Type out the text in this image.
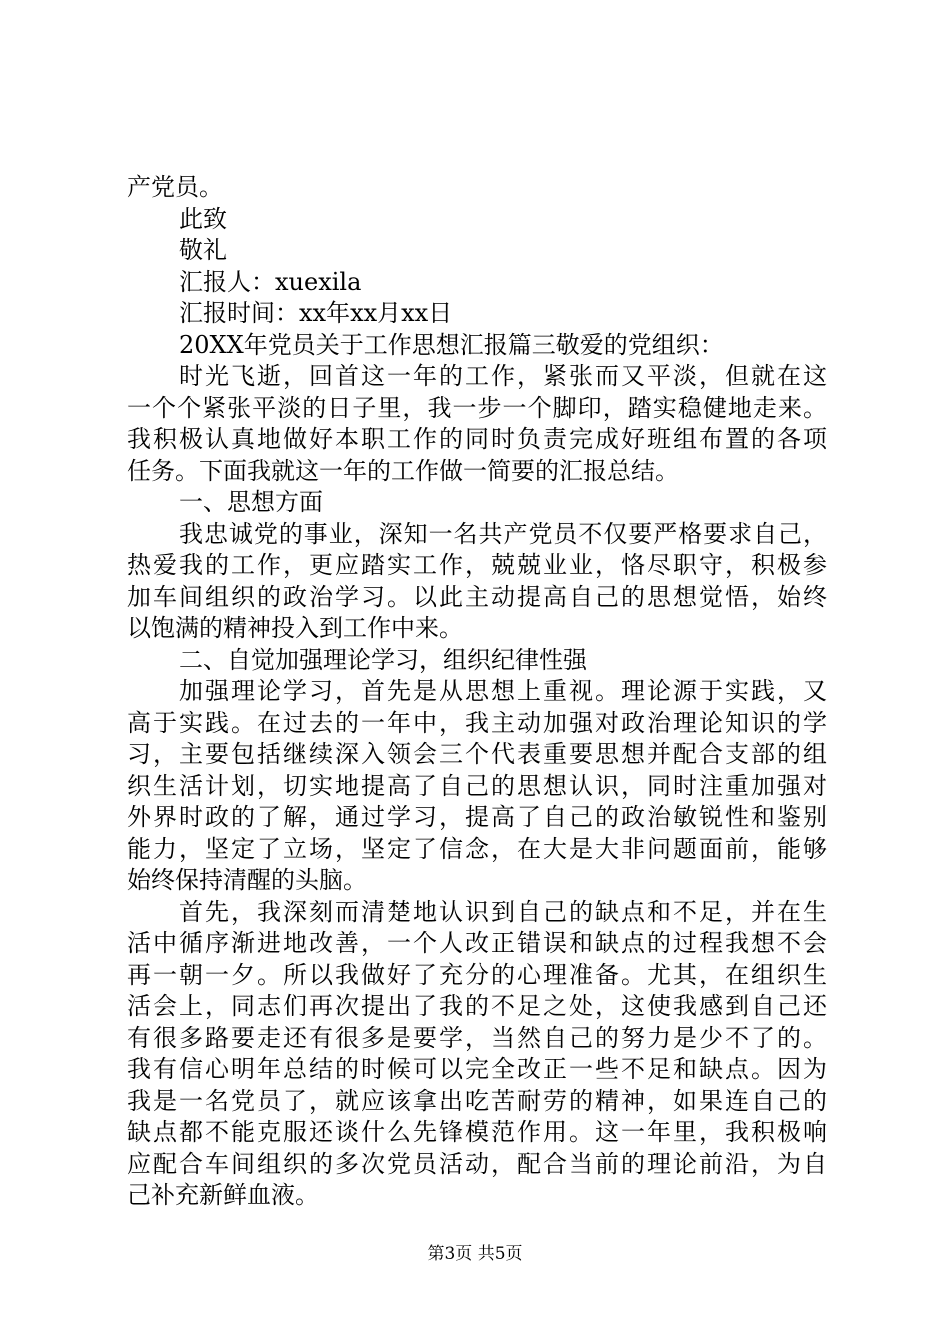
产党员。
此致
敬礼
汇报人：xuexila
汇报时间：xx年xx月xx日
20XX年党员关于工作思想汇报篇三敬爱的党组织：
时光飞逝，回首这一年的工作，紧张而又平淡，但就在这
一个个紧张平淡的日子里，我一步一个脚印，踏实稳健地走来。
我积极认真地做好本职工作的同时负责完成好班组布置的各项
任务。下面我就这一年的工作做一简要的汇报总结。
一、思想方面
我忠诚党的事业，深知一名共产党员不仅要严格要求自己，
热爱我的工作，更应踏实工作，兢兢业业，恪尽职守，积极参
加车间组织的政治学习。以此主动提高自己的思想觉悟，始终
以饱满的精神投入到工作中来。
二、自觉加强理论学习，组织纪律性强
加强理论学习，首先是从思想上重视。理论源于实践，又
高于实践。在过去的一年中，我主动加强对政治理论知识的学
习，主要包括继续深入领会三个代表重要思想并配合支部的组
织生活计划，切实地提高了自己的思想认识，同时注重加强对
外界时政的了解，通过学习，提高了自己的政治敏锐性和鉴别
能力，坚定了立场，坚定了信念，在大是大非问题面前，能够
始终保持清醒的头脑。
首先，我深刻而清楚地认识到自己的缺点和不足，并在生
活中循序渐进地改善，一个人改正错误和缺点的过程我想不会
再一朝一夕。所以我做好了充分的心理准备。尤其，在组织生
活会上，同志们再次提出了我的不足之处，这使我感到自己还
有很多路要走还有很多是要学，当然自己的努力是少不了的。
我有信心明年总结的时候可以完全改正一些不足和缺点。因为
我是一名党员了，就应该拿出吃苦耐劳的精神，如果连自己的
缺点都不能克服还谈什么先锋模范作用。这一年里，我积极响
应配合车间组织的多次党员活动，配合当前的理论前沿，为自
己补充新鲜血液。
第3页 共5页
